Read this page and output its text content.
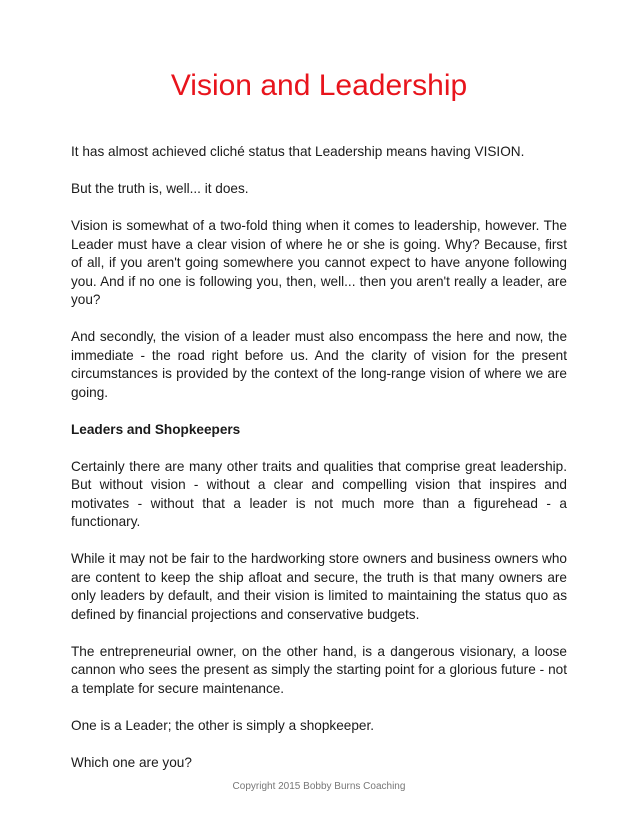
Vision and Leadership

It has almost achieved cliché status that Leadership means having VISION.

But the truth is, well... it does.

Vision is somewhat of a two-fold thing when it comes to leadership, however. The Leader must have a clear vision of where he or she is going. Why? Because, first of all, if you aren't going somewhere you cannot expect to have anyone following you. And if no one is following you, then, well... then you aren't really a leader, are you?

And secondly, the vision of a leader must also encompass the here and now, the immediate - the road right before us. And the clarity of vision for the present circumstances is provided by the context of the long-range vision of where we are going.

Leaders and Shopkeepers

Certainly there are many other traits and qualities that comprise great leadership. But without vision - without a clear and compelling vision that inspires and motivates - without that a leader is not much more than a figurehead - a functionary.

While it may not be fair to the hardworking store owners and business owners who are content to keep the ship afloat and secure, the truth is that many owners are only leaders by default, and their vision is limited to maintaining the status quo as defined by financial projections and conservative budgets.

The entrepreneurial owner, on the other hand, is a dangerous visionary, a loose cannon who sees the present as simply the starting point for a glorious future - not a template for secure maintenance.

One is a Leader; the other is simply a shopkeeper.

Which one are you?

Copyright 2015 Bobby Burns Coaching
